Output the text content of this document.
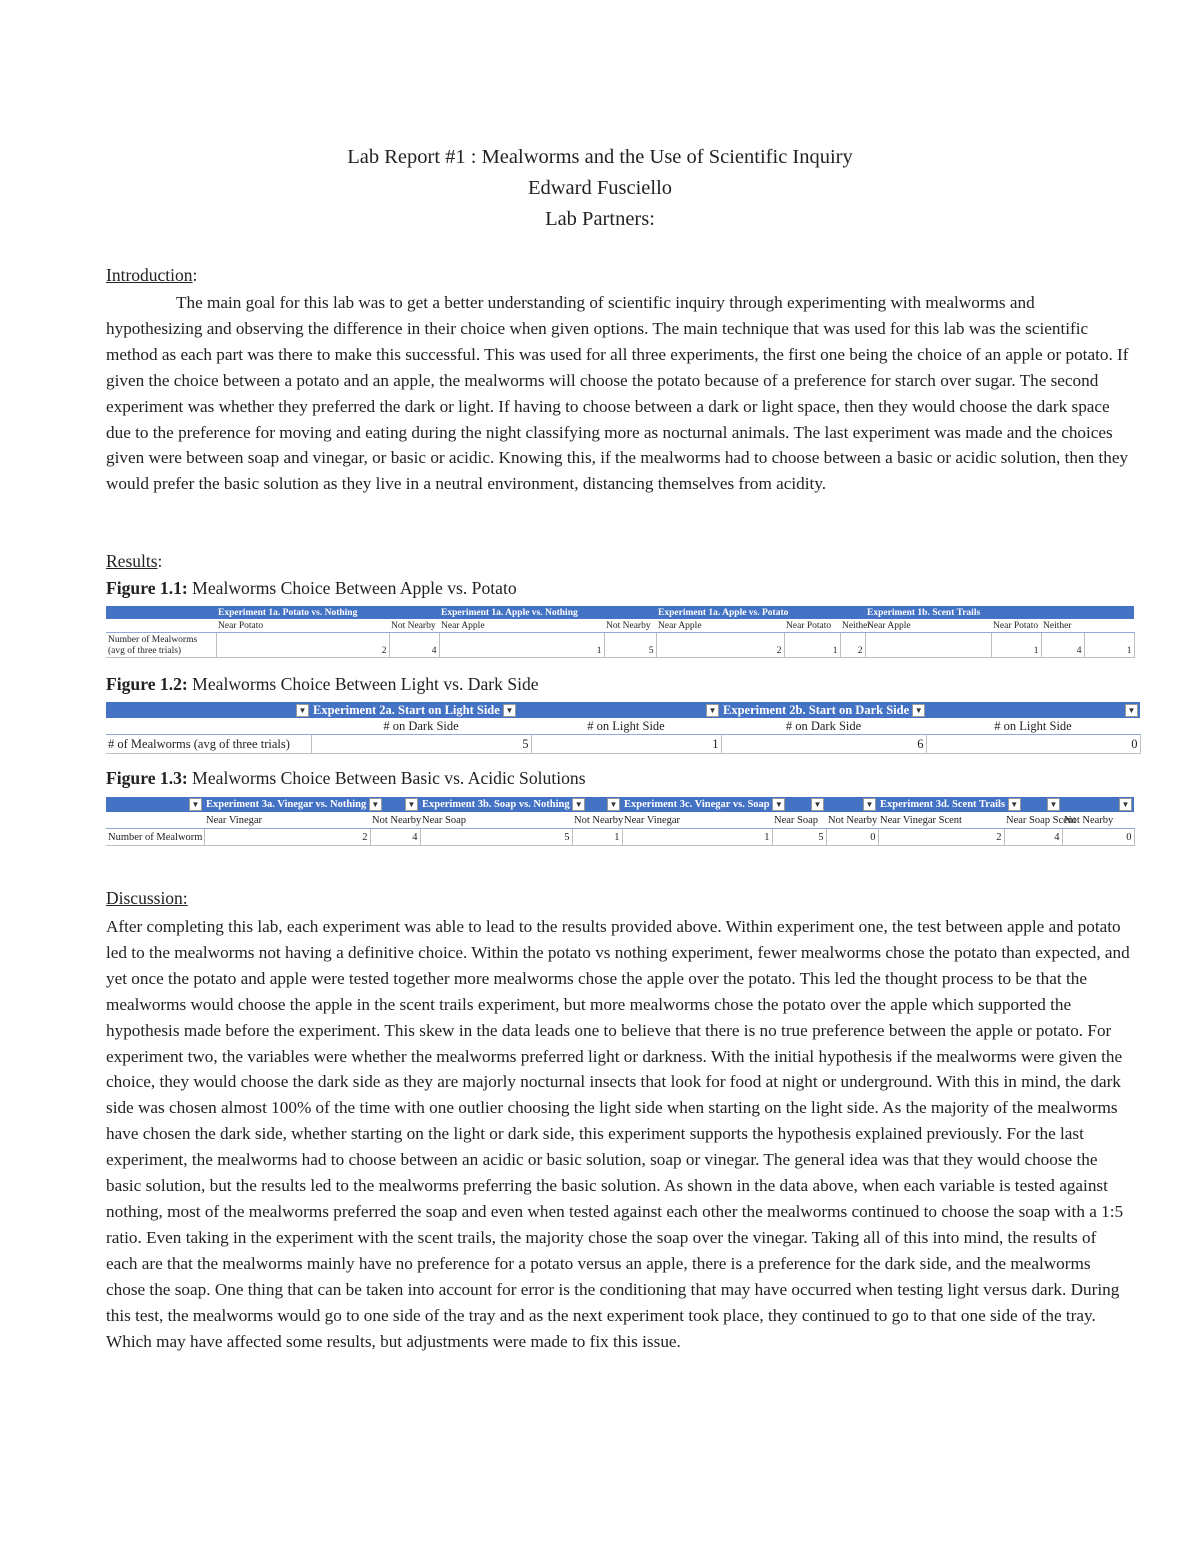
Lab Report #1 : Mealworms and the Use of Scientific Inquiry
Edward Fusciello
Lab Partners:
Introduction:
The main goal for this lab was to get a better understanding of scientific inquiry through experimenting with mealworms and hypothesizing and observing the difference in their choice when given options. The main technique that was used for this lab was the scientific method as each part was there to make this successful. This was used for all three experiments, the first one being the choice of an apple or potato. If given the choice between a potato and an apple, the mealworms will choose the potato because of a preference for starch over sugar. The second experiment was whether they preferred the dark or light. If having to choose between a dark or light space, then they would choose the dark space due to the preference for moving and eating during the night classifying more as nocturnal animals. The last experiment was made and the choices given were between soap and vinegar, or basic or acidic. Knowing this, if the mealworms had to choose between a basic or acidic solution, then they would prefer the basic solution as they live in a neutral environment, distancing themselves from acidity.
Results:
Figure 1.1: Mealworms Choice Between Apple vs. Potato
	Experiment 1a. Potato vs. Nothing		Experiment 1a. Apple vs. Nothing		Experiment 1a. Apple vs. Potato			Experiment 1b. Scent Trails			
	Near Potato	Not Nearby	Near Apple	Not Nearby	Near Apple	Near Potato	Neither	Near Apple	Near Potato	Neither	

Number of Mealworms
(avg of three trials)	2	4	1	5	2	1	2		1	4	1
Figure 1.2: Mealworms Choice Between Light vs. Dark Side
▼	Experiment 2a. Start on Light Side ▼	▼	Experiment 2b. Start on Dark Side ▼	▼
	# on Dark Side	# on Light Side	# on Dark Side	# on Light Side
# of Mealworms (avg of three trials)	5	1	6	0
Figure 1.3: Mealworms Choice Between Basic vs. Acidic Solutions
▼	Experiment 3a. Vinegar vs. Nothing ▼	▼	Experiment 3b. Soap vs. Nothing ▼	▼	Experiment 3c. Vinegar vs. Soap ▼	▼	▼	Experiment 3d. Scent Trails ▼	▼	▼
	Near Vinegar	Not Nearby	Near Soap	Not Nearby	Near Vinegar	Near Soap	Not Nearby	Near Vinegar Scent	Near Soap Scent	Not Nearby
Number of Mealworm	2	4	5	1	1	5	0	2	4	0
Discussion:
After completing this lab, each experiment was able to lead to the results provided above. Within experiment one, the test between apple and potato led to the mealworms not having a definitive choice. Within the potato vs nothing experiment, fewer mealworms chose the potato than expected, and yet once the potato and apple were tested together more mealworms chose the apple over the potato. This led the thought process to be that the mealworms would choose the apple in the scent trails experiment, but more mealworms chose the potato over the apple which supported the hypothesis made before the experiment. This skew in the data leads one to believe that there is no true preference between the apple or potato. For experiment two, the variables were whether the mealworms preferred light or darkness. With the initial hypothesis if the mealworms were given the choice, they would choose the dark side as they are majorly nocturnal insects that look for food at night or underground. With this in mind, the dark side was chosen almost 100% of the time with one outlier choosing the light side when starting on the light side. As the majority of the mealworms have chosen the dark side, whether starting on the light or dark side, this experiment supports the hypothesis explained previously. For the last experiment, the mealworms had to choose between an acidic or basic solution, soap or vinegar. The general idea was that they would choose the basic solution, but the results led to the mealworms preferring the basic solution. As shown in the data above, when each variable is tested against nothing, most of the mealworms preferred the soap and even when tested against each other the mealworms continued to choose the soap with a 1:5 ratio. Even taking in the experiment with the scent trails, the majority chose the soap over the vinegar. Taking all of this into mind, the results of each are that the mealworms mainly have no preference for a potato versus an apple, there is a preference for the dark side, and the mealworms chose the soap. One thing that can be taken into account for error is the conditioning that may have occurred when testing light versus dark. During this test, the mealworms would go to one side of the tray and as the next experiment took place, they continued to go to that one side of the tray. Which may have affected some results, but adjustments were made to fix this issue.
